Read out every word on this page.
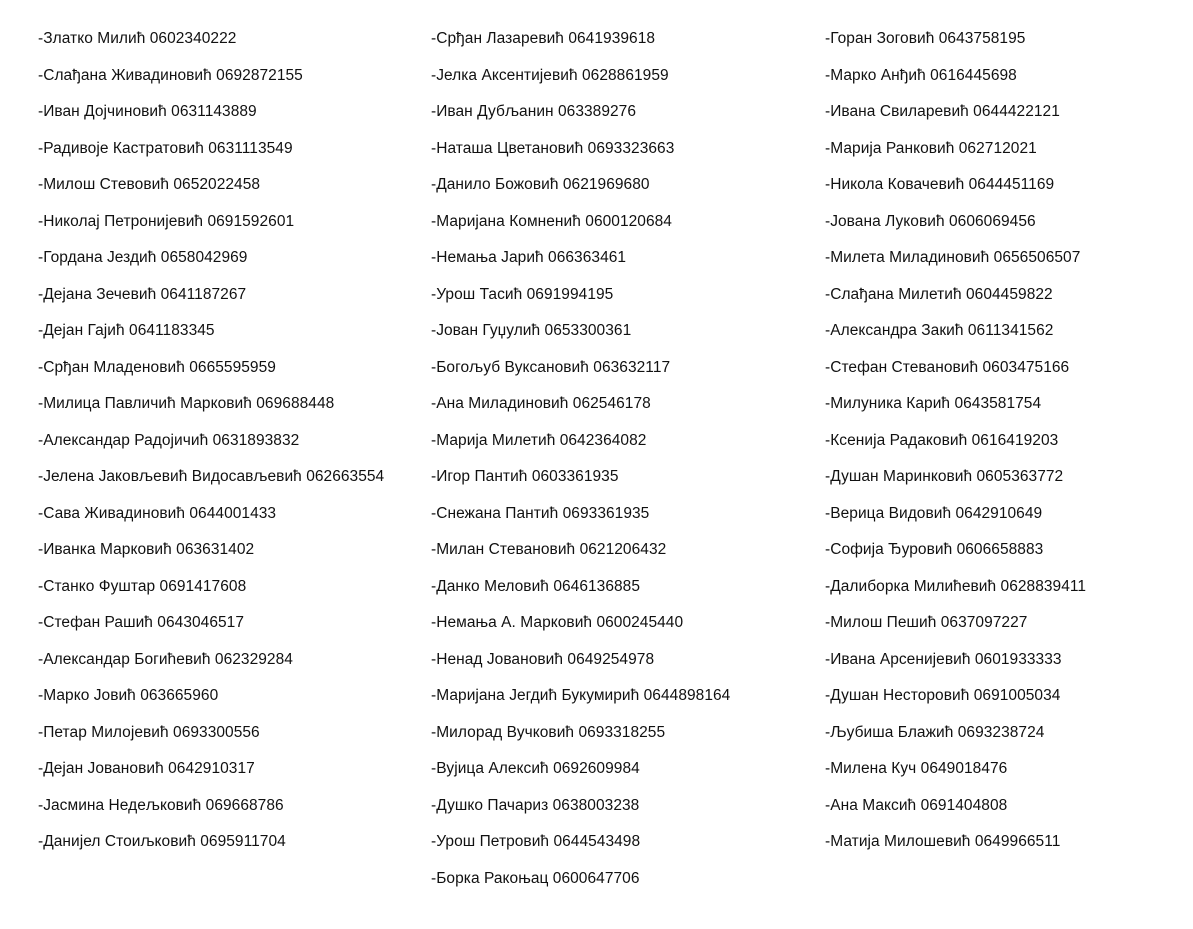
-Златко Милић 0602340222
-Слађана Живадиновић 0692872155
-Иван Дојчиновић 0631143889
-Радивоје Кастратовић 0631113549
-Милош Стевовић 0652022458
-Николај Петронијевић 0691592601
-Гордана Јездић 0658042969
-Дејана Зечевић 0641187267
-Дејан Гајић 0641183345
-Срђан Младеновић 0665595959
-Милица Павличић Марковић 069688448
-Александар Радојичић 0631893832
-Јелена Јаковљевић Видосављевић 062663554
-Сава Живадиновић 0644001433
-Иванка Марковић 063631402
-Станко Фуштар 0691417608
-Стефан Рашић 0643046517
-Александар Богићевић 062329284
-Марко Јовић 063665960
-Петар Милојевић 0693300556
-Дејан Јовановић 0642910317
-Јасмина Недељковић 069668786
-Данијел Стоиљковић 0695911704
-Срђан Лазаревић 0641939618
-Јелка Аксентијевић 0628861959
-Иван Дубљанин 063389276
-Наташа Цветановић 0693323663
-Данило Божовић 0621969680
-Маријана Комненић 0600120684
-Немања Јарић 066363461
-Урош Тасић 0691994195
-Јован Гуџулић 0653300361
-Богољуб Вуксановић 063632117
-Ана Миладиновић 062546178
-Марија Милетић 0642364082
-Игор Пантић 0603361935
-Снежана Пантић 0693361935
-Милан Стевановић 0621206432
-Данко Меловић 0646136885
-Немања А. Марковић 0600245440
-Ненад Јовановић 0649254978
-Маријана Јегдић Букумирић 0644898164
-Милорад Вучковић 0693318255
-Вујица Алексић 0692609984
-Душко Пачариз 0638003238
-Урош Петровић 0644543498
-Борка Ракоњац 0600647706
-Горан Зоговић 0643758195
-Марко Анђић 0616445698
-Ивана Свиларевић 0644422121
-Марија Ранковић 062712021
-Никола Ковачевић 0644451169
-Јована Луковић 0606069456
-Милета Миладиновић 0656506507
-Слађана Милетић 0604459822
-Александра Закић 0611341562
-Стефан Стевановић 0603475166
-Милуника Карић 0643581754
-Ксенија Радаковић 0616419203
-Душан Маринковић 0605363772
-Верица Видовић 0642910649
-Софија Ђуровић 0606658883
-Далиборка Милићевић 0628839411
-Милош Пешић 0637097227
-Ивана Арсенијевић 0601933333
-Душан Несторовић 0691005034
-Љубиша Блажић 0693238724
-Милена Куч 0649018476
-Ана Максић 0691404808
-Матија Милошевић 0649966511
